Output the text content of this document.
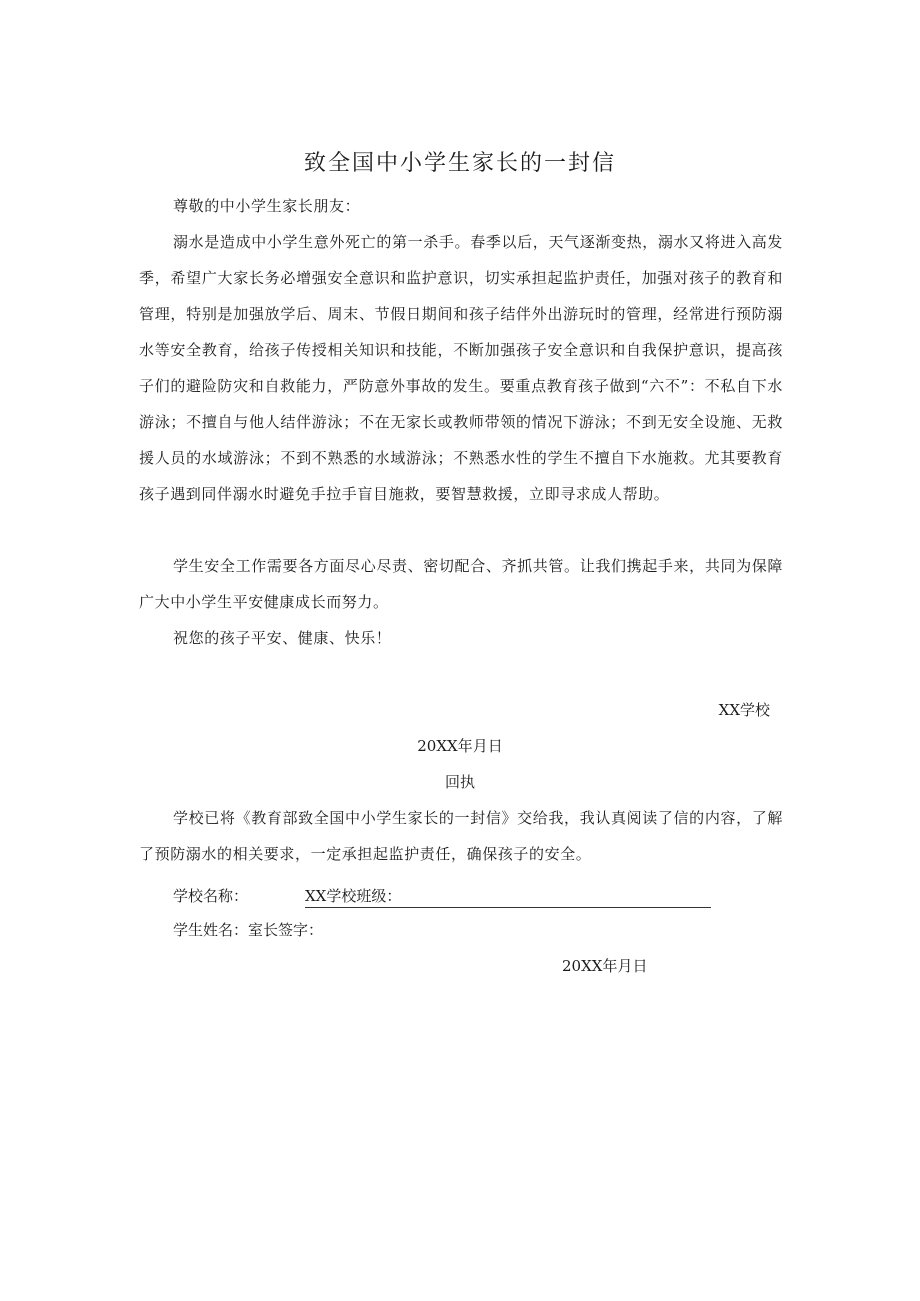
致全国中小学生家长的一封信

尊敬的中小学生家长朋友：

溺水是造成中小学生意外死亡的第一杀手。春季以后，天气逐渐变热，溺水又将进入高发季，希望广大家长务必增强安全意识和监护意识，切实承担起监护责任，加强对孩子的教育和管理，特别是加强放学后、周末、节假日期间和孩子结伴外出游玩时的管理，经常进行预防溺水等安全教育，给孩子传授相关知识和技能，不断加强孩子安全意识和自我保护意识，提高孩子们的避险防灾和自救能力，严防意外事故的发生。要重点教育孩子做到“六不”：不私自下水游泳；不擅自与他人结伴游泳；不在无家长或教师带领的情况下游泳；不到无安全设施、无救援人员的水域游泳；不到不熟悉的水域游泳；不熟悉水性的学生不擅自下水施救。尤其要教育孩子遇到同伴溺水时避免手拉手盲目施救，要智慧救援，立即寻求成人帮助。

学生安全工作需要各方面尽心尽责、密切配合、齐抓共管。让我们携起手来，共同为保障广大中小学生平安健康成长而努力。

祝您的孩子平安、健康、快乐！

XX学校

20XX年月日

回执

学校已将《教育部致全国中小学生家长的一封信》交给我，我认真阅读了信的内容，了解了预防溺水的相关要求，一定承担起监护责任，确保孩子的安全。

学校名称：	XX学校班级：

学生姓名：室长签字：

20XX年月日
